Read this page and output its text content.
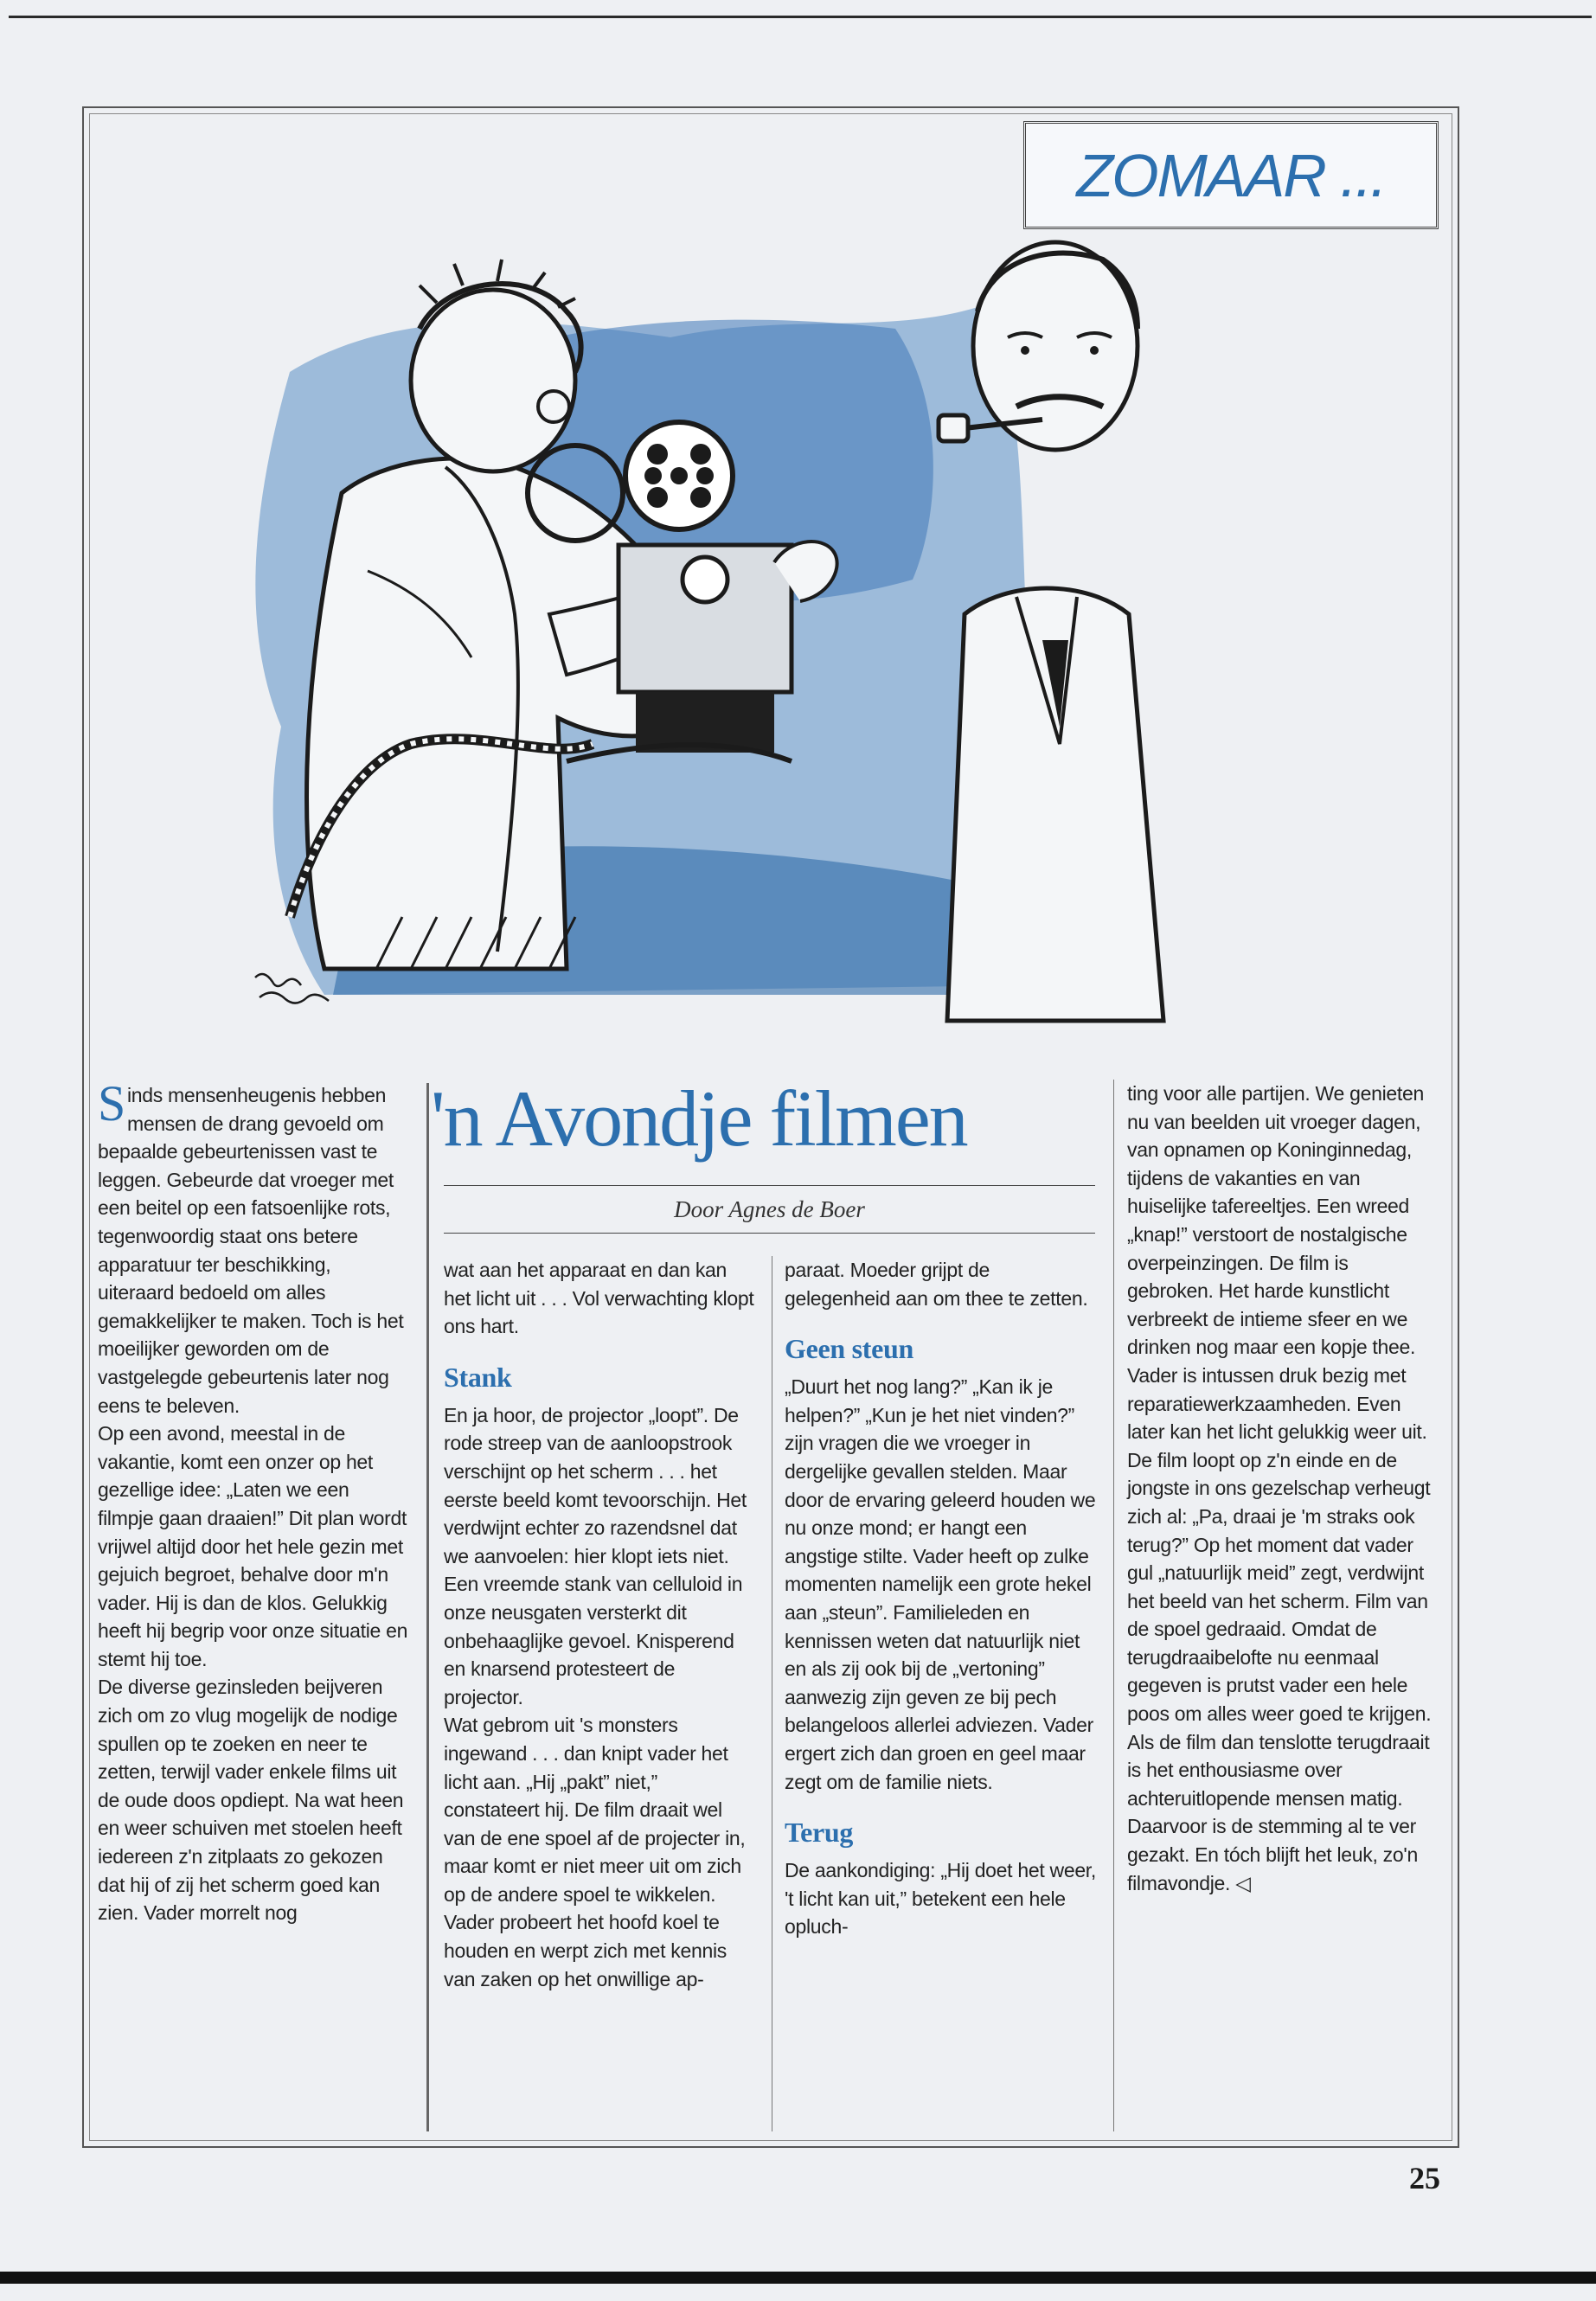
ZOMAAR ...
'n Avondje filmen
Door Agnes de Boer

Sinds mensenheugenis hebben mensen de drang gevoeld om bepaalde gebeurtenissen vast te leggen. Gebeurde dat vroeger met een beitel op een fatsoenlijke rots, tegenwoordig staat ons betere apparatuur ter beschikking, uiteraard bedoeld om alles gemakkelijker te maken. Toch is het moeilijker geworden om de vastgelegde gebeurtenis later nog eens te beleven.

Op een avond, meestal in de vakantie, komt een onzer op het gezellige idee: „Laten we een filmpje gaan draaien!” Dit plan wordt vrijwel altijd door het hele gezin met gejuich begroet, behalve door m'n vader. Hij is dan de klos. Gelukkig heeft hij begrip voor onze situatie en stemt hij toe.

De diverse gezinsleden beijveren zich om zo vlug mogelijk de nodige spullen op te zoeken en neer te zetten, terwijl vader enkele films uit de oude doos opdiept. Na wat heen en weer schuiven met stoelen heeft iedereen z'n zitplaats zo gekozen dat hij of zij het scherm goed kan zien. Vader morrelt nog

wat aan het apparaat en dan kan het licht uit . . . Vol verwachting klopt ons hart.

Stank

En ja hoor, de projector „loopt”. De rode streep van de aanloopstrook verschijnt op het scherm . . . het eerste beeld komt tevoorschijn. Het verdwijnt echter zo razendsnel dat we aanvoelen: hier klopt iets niet. Een vreemde stank van celluloid in onze neusgaten versterkt dit onbehaaglijke gevoel. Knisperend en knarsend protesteert de projector.

Wat gebrom uit 's monsters ingewand . . . dan knipt vader het licht aan. „Hij „pakt” niet,” constateert hij. De film draait wel van de ene spoel af de projecter in, maar komt er niet meer uit om zich op de andere spoel te wikkelen. Vader probeert het hoofd koel te houden en werpt zich met kennis van zaken op het onwillige ap-

paraat. Moeder grijpt de gelegenheid aan om thee te zetten.

Geen steun

„Duurt het nog lang?” „Kan ik je helpen?” „Kun je het niet vinden?” zijn vragen die we vroeger in dergelijke gevallen stelden. Maar door de ervaring geleerd houden we nu onze mond; er hangt een angstige stilte. Vader heeft op zulke momenten namelijk een grote hekel aan „steun”. Familieleden en kennissen weten dat natuurlijk niet en als zij ook bij de „vertoning” aanwezig zijn geven ze bij pech belangeloos allerlei adviezen. Vader ergert zich dan groen en geel maar zegt om de familie niets.

Terug

De aankondiging: „Hij doet het weer, 't licht kan uit,” betekent een hele opluch-

ting voor alle partijen. We genieten nu van beelden uit vroeger dagen, van opnamen op Koninginnedag, tijdens de vakanties en van huiselijke tafereeltjes. Een wreed „knap!” verstoort de nostalgische overpeinzingen. De film is gebroken. Het harde kunstlicht verbreekt de intieme sfeer en we drinken nog maar een kopje thee. Vader is intussen druk bezig met reparatiewerkzaamheden. Even later kan het licht gelukkig weer uit.

De film loopt op z'n einde en de jongste in ons gezelschap verheugt zich al: „Pa, draai je 'm straks ook terug?” Op het moment dat vader gul „natuurlijk meid” zegt, verdwijnt het beeld van het scherm. Film van de spoel gedraaid. Omdat de terugdraaibelofte nu eenmaal gegeven is prutst vader een hele poos om alles weer goed te krijgen. Als de film dan tenslotte terugdraait is het enthousiasme over achteruitlopende mensen matig. Daarvoor is de stemming al te ver gezakt. En tóch blijft het leuk, zo'n filmavondje. ◁

25
